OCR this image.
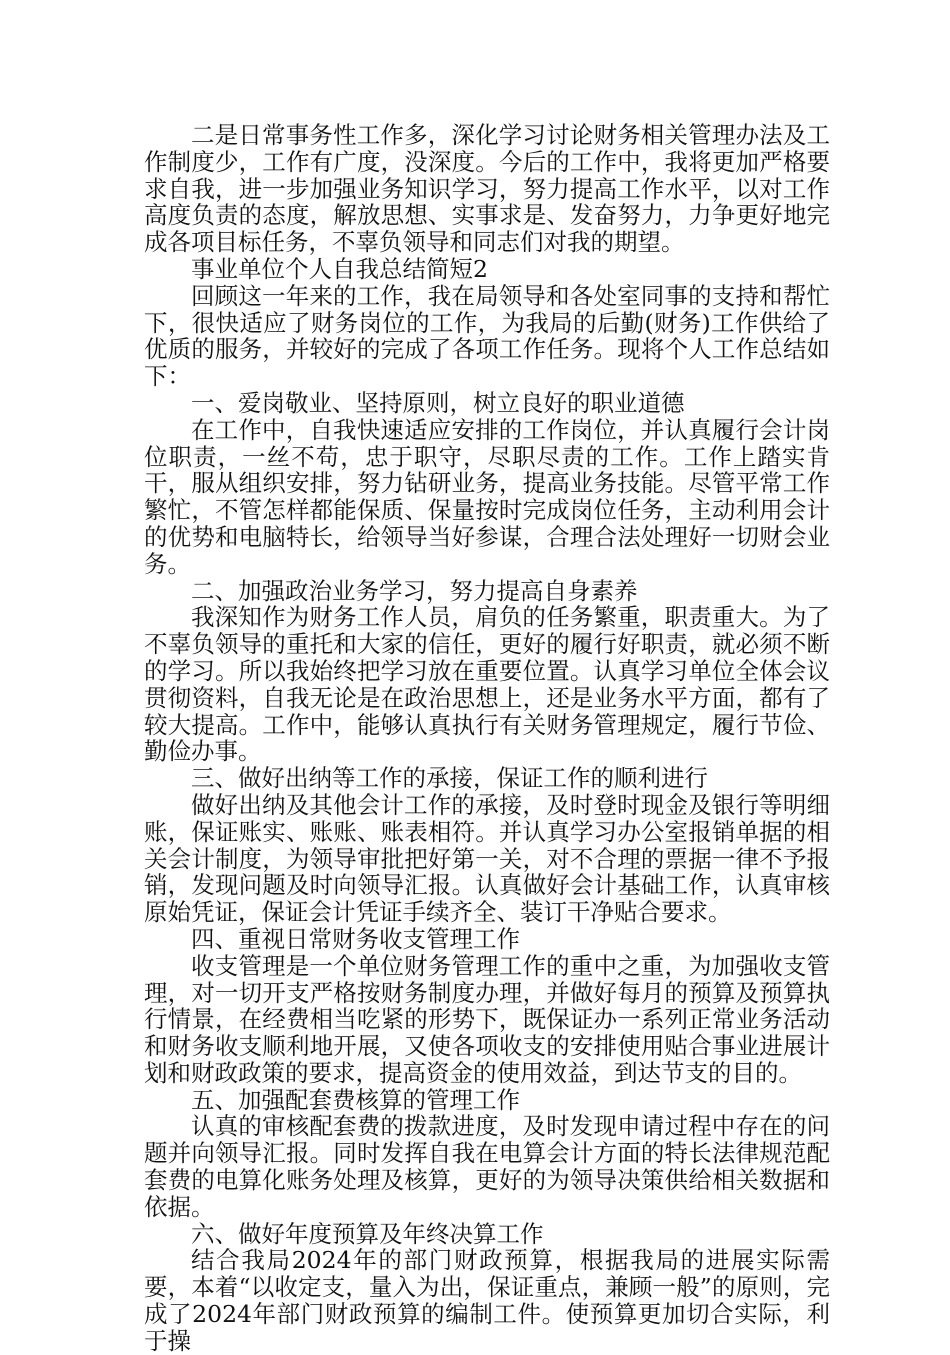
二是日常事务性工作多，深化学习讨论财务相关管理办法及工作制度少，工作有广度，没深度。今后的工作中，我将更加严格要求自我，进一步加强业务知识学习，努力提高工作水平，以对工作高度负责的态度，解放思想、实事求是、发奋努力，力争更好地完成各项目标任务，不辜负领导和同志们对我的期望。

事业单位个人自我总结简短2

回顾这一年来的工作，我在局领导和各处室同事的支持和帮忙下，很快适应了财务岗位的工作，为我局的后勤(财务)工作供给了优质的服务，并较好的完成了各项工作任务。现将个人工作总结如下：

一、爱岗敬业、坚持原则，树立良好的职业道德

在工作中，自我快速适应安排的工作岗位，并认真履行会计岗位职责，一丝不苟，忠于职守，尽职尽责的工作。工作上踏实肯干，服从组织安排，努力钻研业务，提高业务技能。尽管平常工作繁忙，不管怎样都能保质、保量按时完成岗位任务，主动利用会计的优势和电脑特长，给领导当好参谋，合理合法处理好一切财会业务。

二、加强政治业务学习，努力提高自身素养

我深知作为财务工作人员，肩负的任务繁重，职责重大。为了不辜负领导的重托和大家的信任，更好的履行好职责，就必须不断的学习。所以我始终把学习放在重要位置。认真学习单位全体会议贯彻资料，自我无论是在政治思想上，还是业务水平方面，都有了较大提高。工作中，能够认真执行有关财务管理规定，履行节俭、勤俭办事。

三、做好出纳等工作的承接，保证工作的顺利进行

做好出纳及其他会计工作的承接，及时登时现金及银行等明细账，保证账实、账账、账表相符。并认真学习办公室报销单据的相关会计制度，为领导审批把好第一关，对不合理的票据一律不予报销，发现问题及时向领导汇报。认真做好会计基础工作，认真审核原始凭证，保证会计凭证手续齐全、装订干净贴合要求。

四、重视日常财务收支管理工作

收支管理是一个单位财务管理工作的重中之重，为加强收支管理，对一切开支严格按财务制度办理，并做好每月的预算及预算执行情景，在经费相当吃紧的形势下，既保证办一系列正常业务活动和财务收支顺利地开展，又使各项收支的安排使用贴合事业进展计划和财政政策的要求，提高资金的使用效益，到达节支的目的。

五、加强配套费核算的管理工作

认真的审核配套费的拨款进度，及时发现申请过程中存在的问题并向领导汇报。同时发挥自我在电算会计方面的特长法律规范配套费的电算化账务处理及核算，更好的为领导决策供给相关数据和依据。

六、做好年度预算及年终决算工作

结合我局2024年的部门财政预算，根据我局的进展实际需要，本着“以收定支，量入为出，保证重点，兼顾一般”的原则，完成了2024年部门财政预算的编制工件。使预算更加切合实际，利于操
